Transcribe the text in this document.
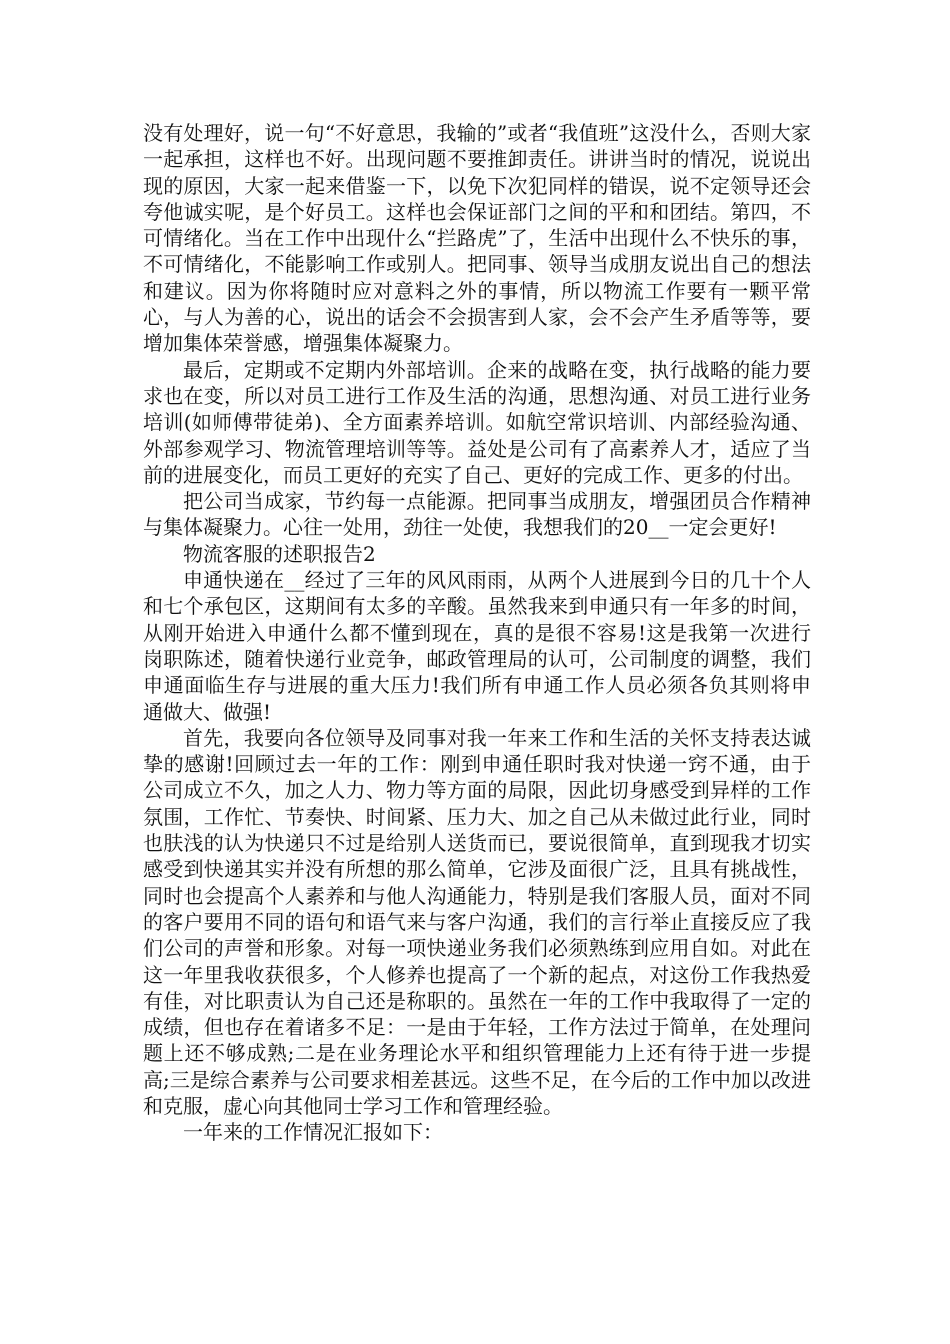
没有处理好，说一句“不好意思，我输的”或者“我值班”这没什么，否则大家一起承担，这样也不好。出现问题不要推卸责任。讲讲当时的情况，说说出现的原因，大家一起来借鉴一下，以免下次犯同样的错误，说不定领导还会夸他诚实呢，是个好员工。这样也会保证部门之间的平和和团结。第四，不可情绪化。当在工作中出现什么“拦路虎”了，生活中出现什么不快乐的事，不可情绪化，不能影响工作或别人。把同事、领导当成朋友说出自己的想法和建议。因为你将随时应对意料之外的事情，所以物流工作要有一颗平常心，与人为善的心，说出的话会不会损害到人家，会不会产生矛盾等等，要增加集体荣誉感，增强集体凝聚力。

最后，定期或不定期内外部培训。企来的战略在变，执行战略的能力要求也在变，所以对员工进行工作及生活的沟通，思想沟通、对员工进行业务培训(如师傅带徒弟)、全方面素养培训。如航空常识培训、内部经验沟通、外部参观学习、物流管理培训等等。益处是公司有了高素养人才，适应了当前的进展变化，而员工更好的充实了自己、更好的完成工作、更多的付出。

把公司当成家，节约每一点能源。把同事当成朋友，增强团员合作精神与集体凝聚力。心往一处用，劲往一处使，我想我们的20__一定会更好!

物流客服的述职报告2

申通快递在__经过了三年的风风雨雨，从两个人进展到今日的几十个人和七个承包区，这期间有太多的辛酸。虽然我来到申通只有一年多的时间，从刚开始进入申通什么都不懂到现在，真的是很不容易!这是我第一次进行岗职陈述，随着快递行业竞争，邮政管理局的认可，公司制度的调整，我们申通面临生存与进展的重大压力!我们所有申通工作人员必须各负其则将申通做大、做强!

首先，我要向各位领导及同事对我一年来工作和生活的关怀支持表达诚挚的感谢!回顾过去一年的工作：刚到申通任职时我对快递一窍不通，由于公司成立不久，加之人力、物力等方面的局限，因此切身感受到异样的工作氛围，工作忙、节奏快、时间紧、压力大、加之自己从未做过此行业，同时也肤浅的认为快递只不过是给别人送货而已，要说很简单，直到现我才切实感受到快递其实并没有所想的那么简单，它涉及面很广泛，且具有挑战性，同时也会提高个人素养和与他人沟通能力，特别是我们客服人员，面对不同的客户要用不同的语句和语气来与客户沟通，我们的言行举止直接反应了我们公司的声誉和形象。对每一项快递业务我们必须熟练到应用自如。对此在这一年里我收获很多，个人修养也提高了一个新的起点，对这份工作我热爱有佳，对比职责认为自己还是称职的。虽然在一年的工作中我取得了一定的成绩，但也存在着诸多不足：一是由于年轻，工作方法过于简单，在处理问题上还不够成熟;二是在业务理论水平和组织管理能力上还有待于进一步提高;三是综合素养与公司要求相差甚远。这些不足，在今后的工作中加以改进和克服，虚心向其他同士学习工作和管理经验。

一年来的工作情况汇报如下：
